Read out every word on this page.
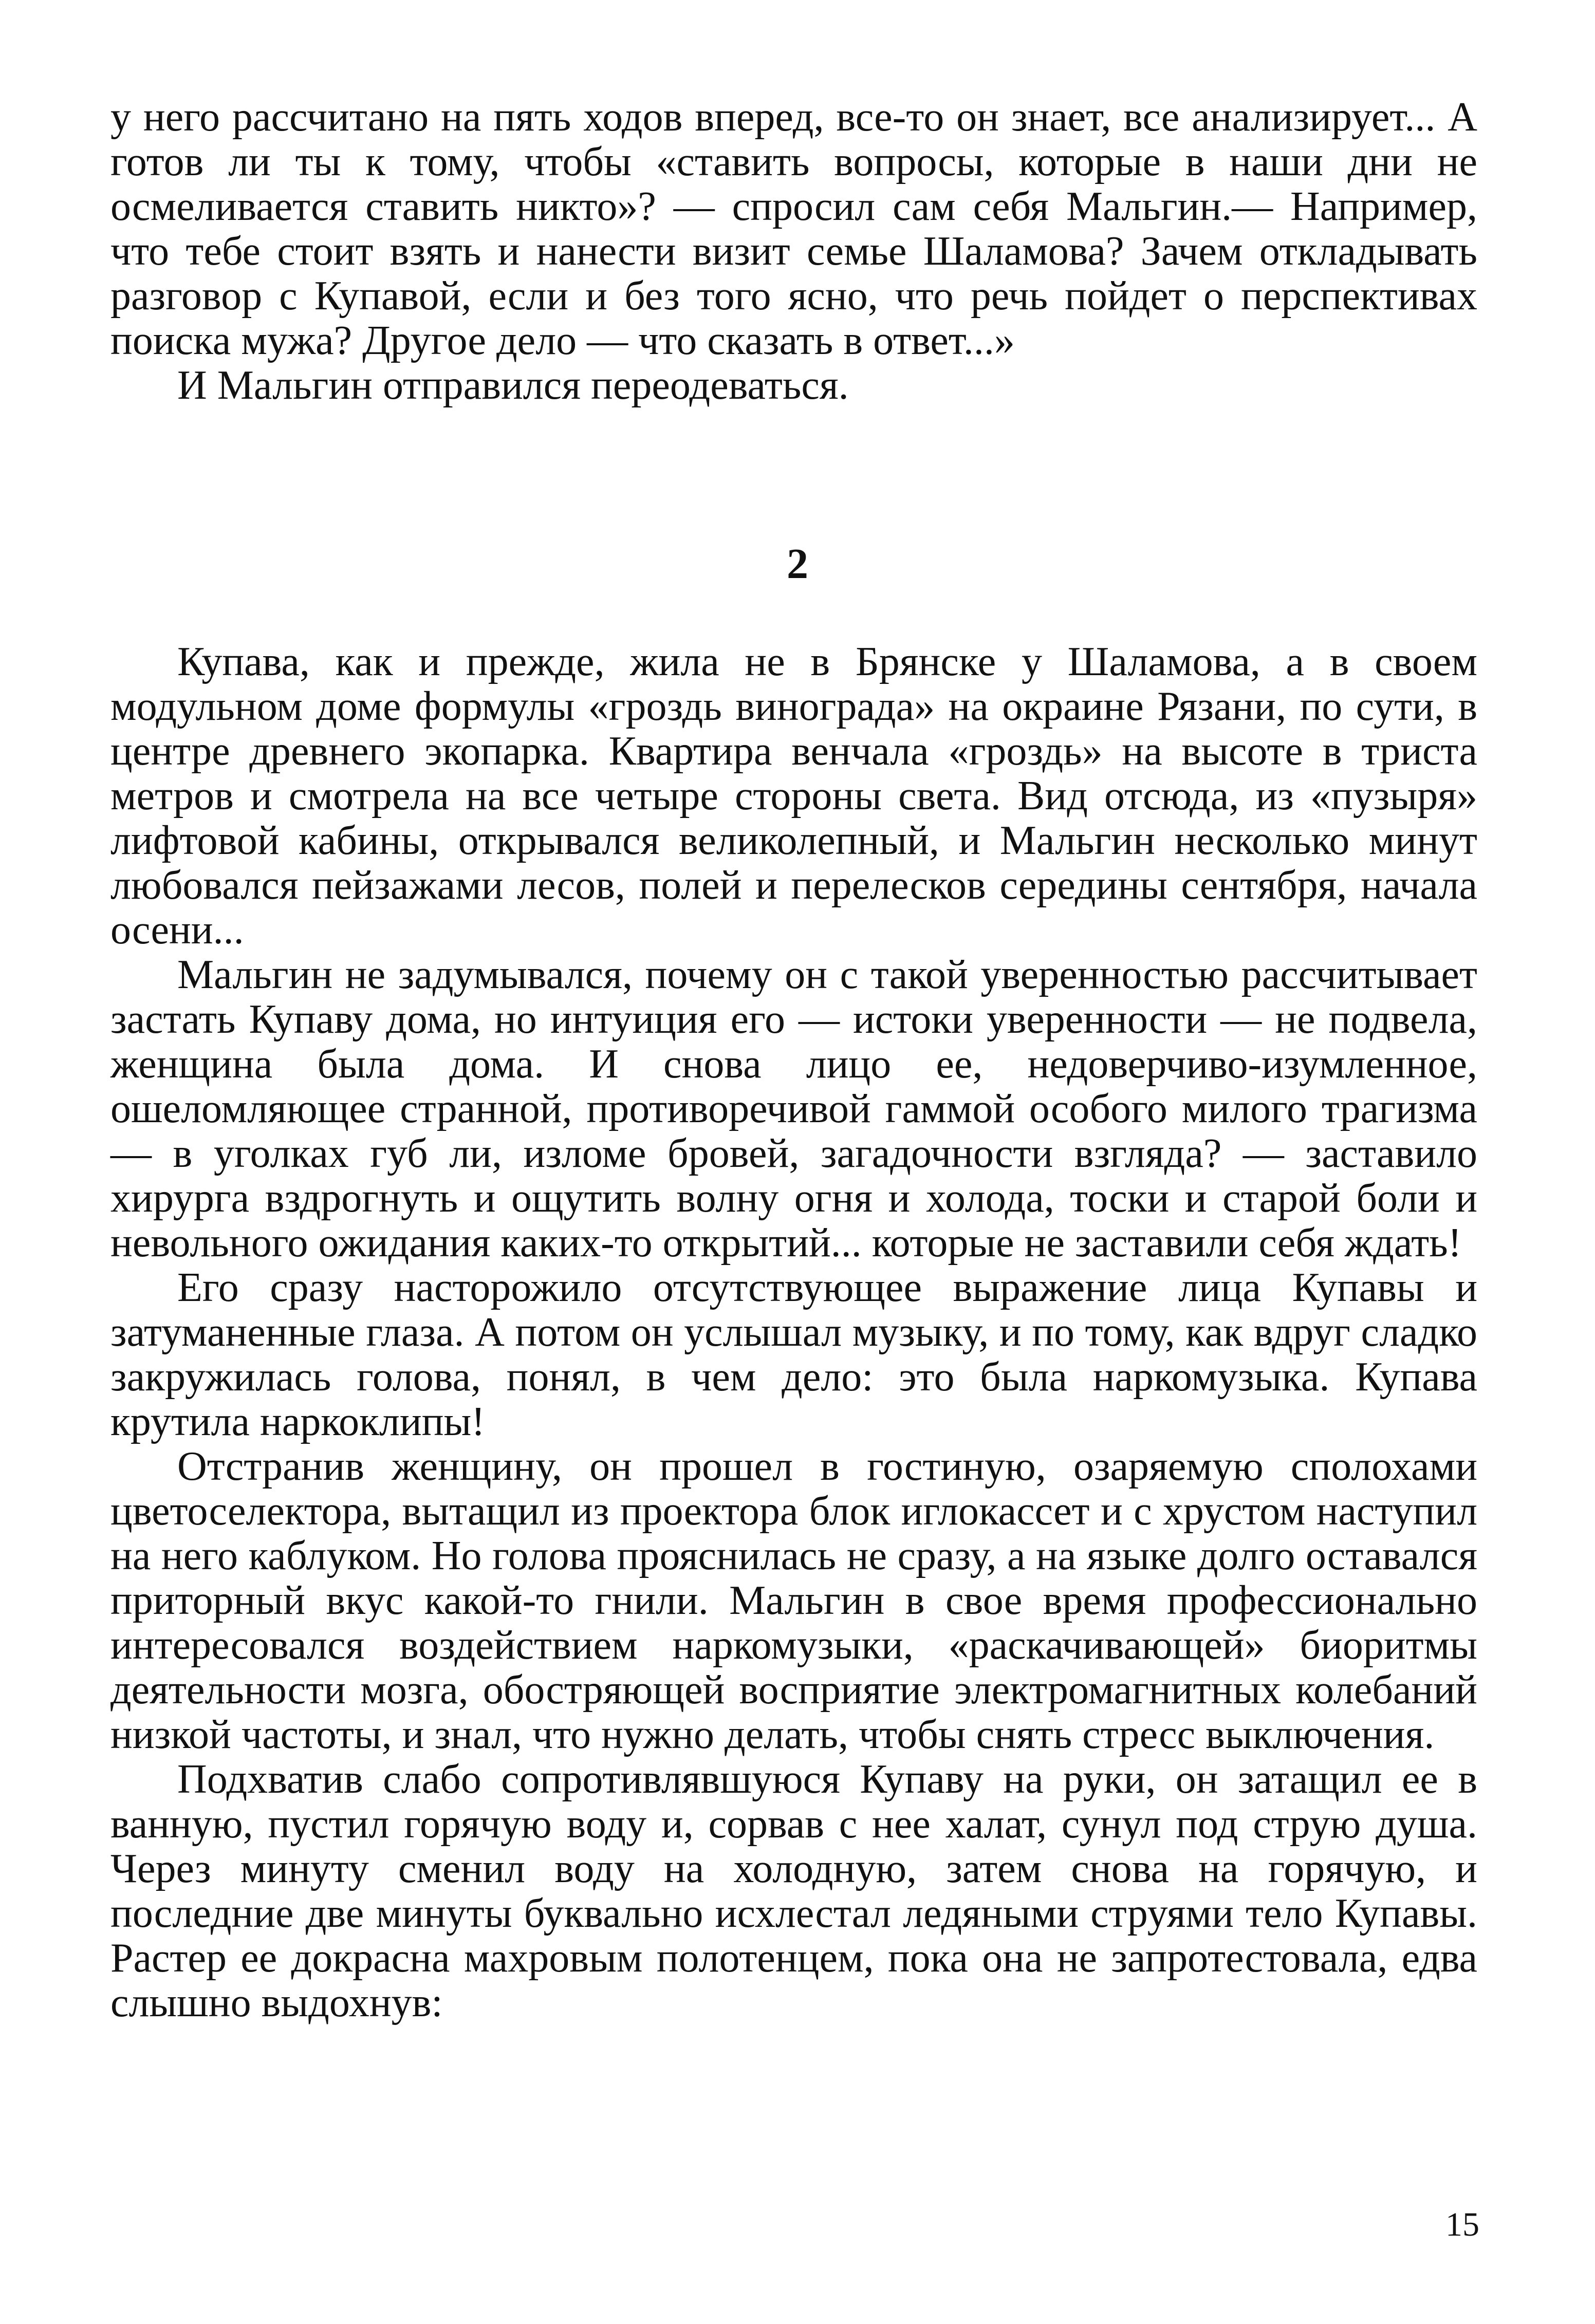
у него рассчитано на пять ходов вперед, все-то он знает, все анализирует... А готов ли ты к тому, чтобы «ставить вопросы, которые в наши дни не осмеливается ставить никто»? — спросил сам себя Мальгин.— Например, что тебе стоит взять и нанести визит семье Шаламова? Зачем откладывать разговор с Купавой, если и без того ясно, что речь пойдет о перспективах поиска мужа? Другое дело — что сказать в ответ...»

И Мальгин отправился переодеваться.

2

Купава, как и прежде, жила не в Брянске у Шаламова, а в своем модульном доме формулы «гроздь винограда» на окраине Рязани, по сути, в центре древнего экопарка. Квартира венчала «гроздь» на высоте в триста метров и смотрела на все четыре стороны света. Вид отсюда, из «пузыря» лифтовой кабины, открывался великолепный, и Мальгин несколько минут любовался пейзажами лесов, полей и перелесков середины сентября, начала осени...

Мальгин не задумывался, почему он с такой уверенностью рассчитывает застать Купаву дома, но интуиция его — истоки уверенности — не подвела, женщина была дома. И снова лицо ее, недоверчиво-изумленное, ошеломляющее странной, противоречивой гаммой особого милого трагизма — в уголках губ ли, изломе бровей, загадочности взгляда? — заставило хирурга вздрогнуть и ощутить волну огня и холода, тоски и старой боли и невольного ожидания каких-то открытий... которые не заставили себя ждать!

Его сразу насторожило отсутствующее выражение лица Купавы и затуманенные глаза. А потом он услышал музыку, и по тому, как вдруг сладко закружилась голова, понял, в чем дело: это была наркомузыка. Купава крутила наркоклипы!

Отстранив женщину, он прошел в гостиную, озаряемую сполохами цветоселектора, вытащил из проектора блок иглокассет и с хрустом наступил на него каблуком. Но голова прояснилась не сразу, а на языке долго оставался приторный вкус какой-то гнили. Мальгин в свое время профессионально интересовался воздействием наркомузыки, «раскачивающей» биоритмы деятельности мозга, обостряющей восприятие электромагнитных колебаний низкой частоты, и знал, что нужно делать, чтобы снять стресс выключения.

Подхватив слабо сопротивлявшуюся Купаву на руки, он затащил ее в ванную, пустил горячую воду и, сорвав с нее халат, сунул под струю душа. Через минуту сменил воду на холодную, затем снова на горячую, и последние две минуты буквально исхлестал ледяными струями тело Купавы. Растер ее докрасна махровым полотенцем, пока она не запротестовала, едва слышно выдохнув:

15
